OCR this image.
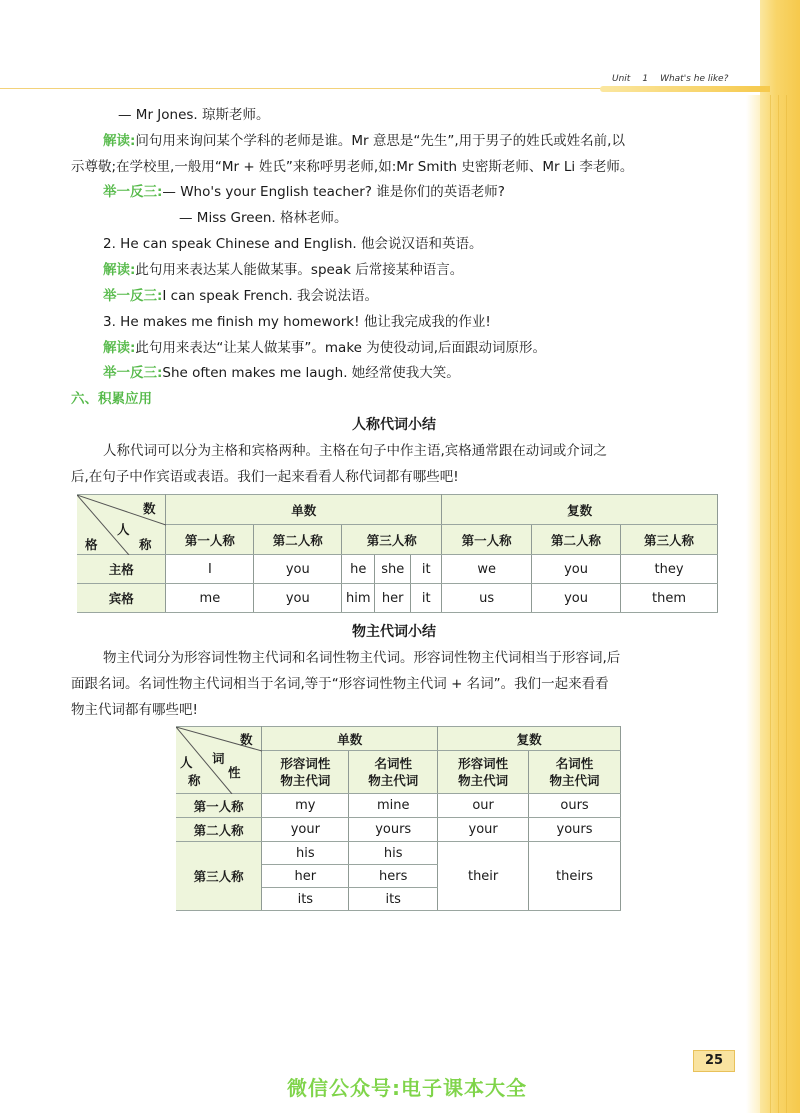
Unit 1 What's he like?
— Mr Jones. 琼斯老师。
解读:问句用来询问某个学科的老师是谁。Mr 意思是“先生”,用于男子的姓氏或姓名前,以
示尊敬;在学校里,一般用“Mr + 姓氏”来称呼男老师,如:Mr Smith 史密斯老师、Mr Li 李老师。
举一反三:— Who's your English teacher? 谁是你们的英语老师?
— Miss Green. 格林老师。
2. He can speak Chinese and English. 他会说汉语和英语。
解读:此句用来表达某人能做某事。speak 后常接某种语言。
举一反三:I can speak French. 我会说法语。
3. He makes me finish my homework! 他让我完成我的作业!
解读:此句用来表达“让某人做某事”。make 为使役动词,后面跟动词原形。
举一反三:She often makes me laugh. 她经常使我大笑。
六、积累应用
人称代词小结
人称代词可以分为主格和宾格两种。主格在句子中作主语,宾格通常跟在动词或介词之
后,在句子中作宾语或表语。我们一起来看看人称代词都有哪些吧!
数
人
格 称	单数					复数		
	第一人称	第二人称	第三人称			第一人称	第二人称	第三人称
主格	I	you	he	she	it	we	you	they
宾格	me	you	him	her	it	us	you	them
物主代词小结
物主代词分为形容词性物主代词和名词性物主代词。形容词性物主代词相当于形容词,后
面跟名词。名词性物主代词相当于名词,等于“形容词性物主代词 + 名词”。我们一起来看看
物主代词都有哪些吧!
数
词
性
人
称	单数		复数	
	形容词性
物主代词	名词性
物主代词	形容词性
物主代词	名词性
物主代词
第一人称	my	mine	our	ours
第二人称	your	yours	your	yours
第三人称	his	his	their	theirs
	her	hers		
	its	its		
25
微信公众号:电子课本大全
